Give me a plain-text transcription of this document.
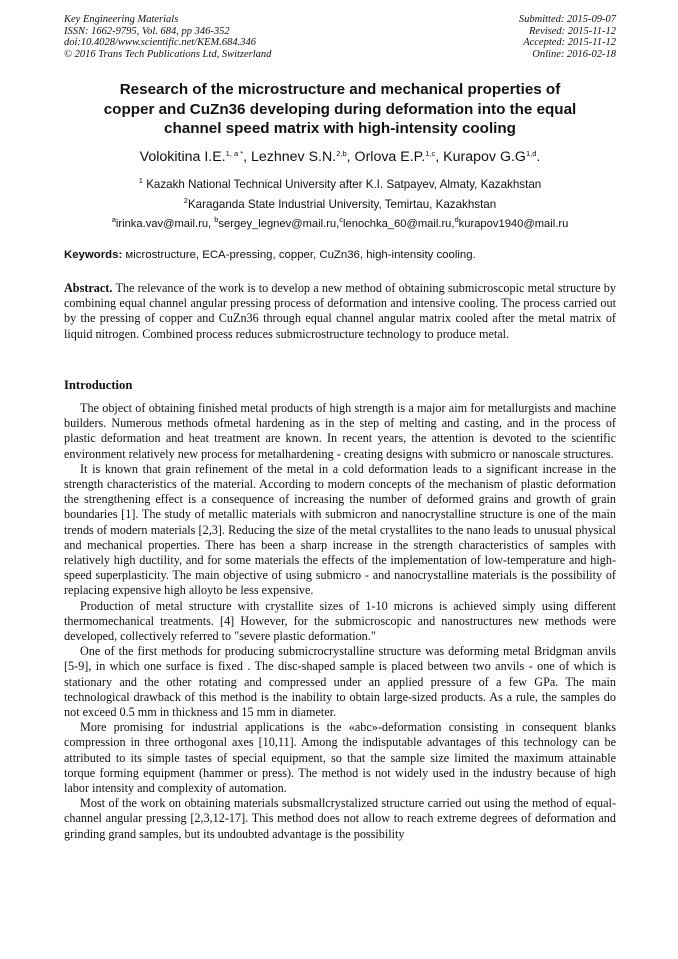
Key Engineering Materials
ISSN: 1662-9795, Vol. 684, pp 346-352
doi:10.4028/www.scientific.net/KEM.684.346
© 2016 Trans Tech Publications Ltd, Switzerland
Submitted: 2015-09-07
Revised: 2015-11-12
Accepted: 2015-11-12
Online: 2016-02-18
Research of the microstructure and mechanical properties of
copper and CuZn36 developing during deformation into the equal
channel speed matrix with high-intensity cooling
Volokitina I.E.$^{1, a *}$, Lezhnev S.N.$^{2,b}$, Orlova E.P.$^{1,c}$, Kurapov $G.G^{1,d}$.
$^1$ Kazakh National Technical University after K.I. Satpayev, Almaty, Kazakhstan
$^2$Karaganda State Industrial University, Temirtau, Kazakhstan
$^a$irinka.vav@mail.ru, $^b$sergey_legnev@mail.ru,$^c$lenochka_60@mail.ru,$^d$kurapov1940@mail.ru
Keywords: мicrostructure, ECA-pressing, copper, CuZn36, high-intensity cooling.
Abstract. The relevance of the work is to develop a new method of obtaining submicroscopic metal structure by combining equal channel angular pressing process of deformation and intensive cooling. The process carried out by the pressing of copper and CuZn36 through equal channel angular matrix cooled after the metal matrix of liquid nitrogen. Combined process reduces submicrostructure technology to produce metal.
Introduction

The object of obtaining finished metal products of high strength is a major aim for metallurgists and machine builders. Numerous methods ofmetal hardening as in the step of melting and casting, and in the process of plastic deformation and heat treatment are known. In recent years, the attention is devoted to the scientific environment relatively new process for metalhardening - creating designs with submicro or nanoscale structures.

It is known that grain refinement of the metal in a cold deformation leads to a significant increase in the strength characteristics of the material. According to modern concepts of the mechanism of plastic deformation the strengthening effect is a consequence of increasing the number of deformed grains and growth of grain boundaries [1]. The study of metallic materials with submicron and nanocrystalline structure is one of the main trends of modern materials [2,3]. Reducing the size of the metal crystallites to the nano leads to unusual physical and mechanical properties. There has been a sharp increase in the strength characteristics of samples with relatively high ductility, and for some materials the effects of the implementation of low-temperature and high-speed superplasticity. The main objective of using submicro - and nanocrystalline materials is the possibility of replacing expensive high alloyto be less expensive.

Production of metal structure with crystallite sizes of 1-10 microns is achieved simply using different thermomechanical treatments. [4] However, for the submicroscopic and nanostructures new methods were developed, collectively referred to "severe plastic deformation."

One of the first methods for producing submicrocrystalline structure was deforming metal Bridgman anvils [5-9], in which one surface is fixed . The disc-shaped sample is placed between two anvils - one of which is stationary and the other rotating and compressed under an applied pressure of a few GPa. The main technological drawback of this method is the inability to obtain large-sized products. As a rule, the samples do not exceed 0.5 mm in thickness and 15 mm in diameter.

More promising for industrial applications is the «abc»-deformation consisting in consequent blanks compression in three orthogonal axes [10,11]. Among the indisputable advantages of this technology can be attributed to its simple tastes of special equipment, so that the sample size limited the maximum attainable torque forming equipment (hammer or press). The method is not widely used in the industry because of high labor intensity and complexity of automation.

Most of the work on obtaining materials subsmallcrystalized structure carried out using the method of equal-channel angular pressing [2,3,12-17]. This method does not allow to reach extreme degrees of deformation and grinding grand samples, but its undoubted advantage is the possibility
